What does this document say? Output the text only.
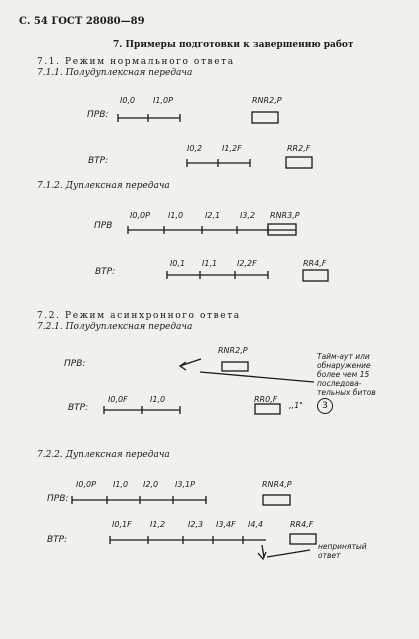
С. 54 ГОСТ 28080—89
7. Примеры подготовки к завершению работ
7.1. Режим нормального ответа
7.1.1. Полудуплексная передача
ПРВ:
I0,0 I1,0P	RNR2,P
ВТР:
I0,2 I1,2F	RR2,F
7.1.2. Дуплексная передача
ПРВ
I0,0P I1,0	I2,1 I3,2 RNR3,P
ВТР:
I0,1 I1,1 I2,2F	RR4,F
7.2. Режим асинхронного ответа
7.2.1. Полудуплексная передача
ПРВ:
RNR2,P
ВТР:
I0,0F	I1,0	RR0,F
,,1"
Тайм-аут или обнаружение более чем 15 последова-тельных битов
3
7.2.2. Дуплексная передача
ПРВ:
I0,0P I1,0 I2,0 I3,1P	RNR4,P
ВТР:
I0,1F I1,2	I2,3 I3,4F I4,4	RR4,F
непринятый ответ
